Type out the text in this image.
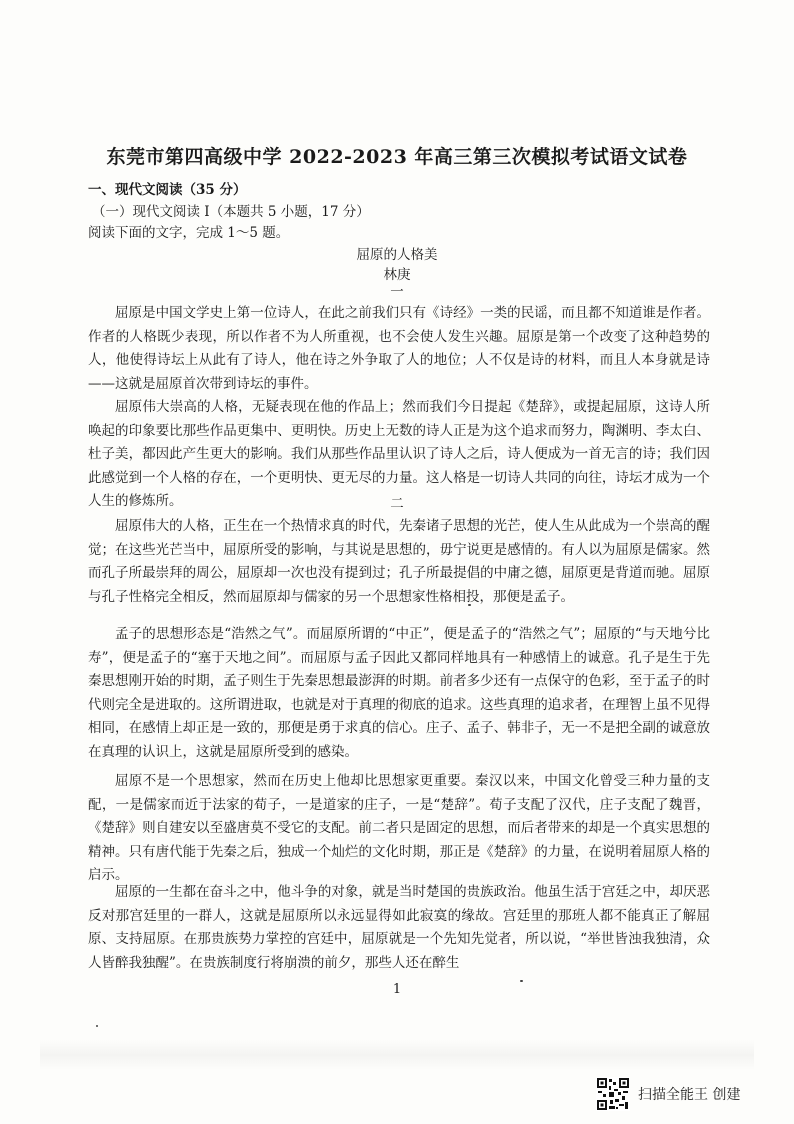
东莞市第四高级中学 2022-2023 年高三第三次模拟考试语文试卷
一、现代文阅读（35 分）
（一）现代文阅读 I（本题共 5 小题，17 分）
阅读下面的文字，完成 1～5 题。
屈原的人格美
林庚
一
屈原是中国文学史上第一位诗人，在此之前我们只有《诗经》一类的民谣，而且都不知道谁是作者。作者的人格既少表现，所以作者不为人所重视，也不会使人发生兴趣。屈原是第一个改变了这种趋势的人，他使得诗坛上从此有了诗人，他在诗之外争取了人的地位；人不仅是诗的材料，而且人本身就是诗——这就是屈原首次带到诗坛的事件。
屈原伟大崇高的人格，无疑表现在他的作品上；然而我们今日提起《楚辞》，或提起屈原，这诗人所唤起的印象要比那些作品更集中、更明快。历史上无数的诗人正是为这个追求而努力，陶渊明、李太白、杜子美，都因此产生更大的影响。我们从那些作品里认识了诗人之后，诗人便成为一首无言的诗；我们因此感觉到一个人格的存在，一个更明快、更无尽的力量。这人格是一切诗人共同的向往，诗坛才成为一个人生的修炼所。	二
屈原伟大的人格，正生在一个热情求真的时代，先秦诸子思想的光芒，使人生从此成为一个崇高的醒觉；在这些光芒当中，屈原所受的影响，与其说是思想的，毋宁说更是感情的。有人以为屈原是儒家。然而孔子所最崇拜的周公，屈原却一次也没有提到过；孔子所最提倡的中庸之德，屈原更是背道而驰。屈原与孔子性格完全相反，然而屈原却与儒家的另一个思想家性格相投，那便是孟子。
孟子的思想形态是“浩然之气”。而屈原所谓的“中正”，便是孟子的“浩然之气”；屈原的“与天地兮比寿”，便是孟子的“塞于天地之间”。而屈原与孟子因此又都同样地具有一种感情上的诚意。孔子是生于先秦思想刚开始的时期，孟子则生于先秦思想最澎湃的时期。前者多少还有一点保守的色彩，至于孟子的时代则完全是进取的。这所谓进取，也就是对于真理的彻底的追求。这些真理的追求者，在理智上虽不见得相同，在感情上却正是一致的，那便是勇于求真的信心。庄子、孟子、韩非子，无一不是把全副的诚意放在真理的认识上，这就是屈原所受到的感染。
屈原不是一个思想家，然而在历史上他却比思想家更重要。秦汉以来，中国文化曾受三种力量的支配，一是儒家而近于法家的荀子，一是道家的庄子，一是“楚辞”。荀子支配了汉代，庄子支配了魏晋，《楚辞》则自建安以至盛唐莫不受它的支配。前二者只是固定的思想，而后者带来的却是一个真实思想的精神。只有唐代能于先秦之后，独成一个灿烂的文化时期，那正是《楚辞》的力量，在说明着屈原人格的启示。
屈原的一生都在奋斗之中，他斗争的对象，就是当时楚国的贵族政治。他虽生活于宫廷之中，却厌恶反对那宫廷里的一群人，这就是屈原所以永远显得如此寂寞的缘故。宫廷里的那班人都不能真正了解屈原、支持屈原。在那贵族势力掌控的宫廷中，屈原就是一个先知先觉者，所以说，“举世皆浊我独清，众人皆醉我独醒”。在贵族制度行将崩溃的前夕，那些人还在醉生
1
扫描全能王 创建
